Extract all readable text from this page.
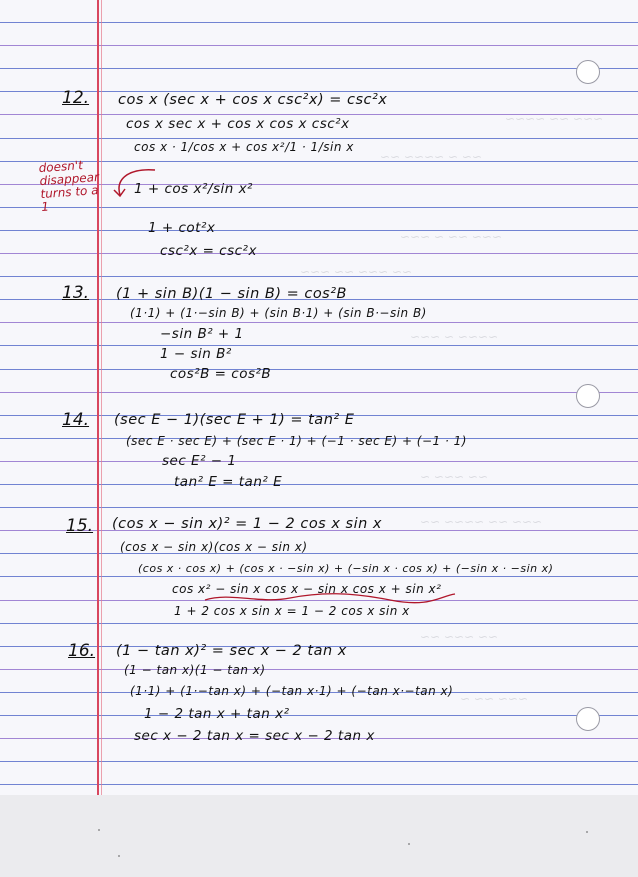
~~~ ~~ ~~~~
~~ ~ ~~~~ ~~
~~~ ~~ ~ ~~~
~~ ~~~ ~~ ~~~
~~~~ ~ ~~~
~~ ~~~ ~
~~~ ~~ ~~~~ ~~
~~ ~~~ ~~
~~~ ~~ ~
12. cos x (sec x + cos x csc²x) = csc²x
cos x sec x + cos x cos x csc²x
cos x · 1/cos x + cos x²/1 · 1/sin x
1 + cos x²/sin x²
1 + cot²x
csc²x = csc²x
doesn't disappear turns to a 1
13. (1 + sin B)(1 − sin B) = cos²B
(1·1) + (1·−sin B) + (sin B·1) + (sin B·−sin B)
−sin B² + 1
1 − sin B²
cos²B = cos²B
14. (sec E − 1)(sec E + 1) = tan² E
(sec E · sec E) + (sec E · 1) + (−1 · sec E) + (−1 · 1)
sec E² − 1
tan² E = tan² E
15. (cos x − sin x)² = 1 − 2 cos x sin x
(cos x − sin x)(cos x − sin x)
(cos x · cos x) + (cos x · −sin x) + (−sin x · cos x) + (−sin x · −sin x)
cos x² − sin x cos x − sin x cos x + sin x²
1 + 2 cos x sin x = 1 − 2 cos x sin x
16. (1 − tan x)² = sec x − 2 tan x
(1 − tan x)(1 − tan x)
(1·1) + (1·−tan x) + (−tan x·1) + (−tan x·−tan x)
1 − 2 tan x + tan x²
sec x − 2 tan x = sec x − 2 tan x
